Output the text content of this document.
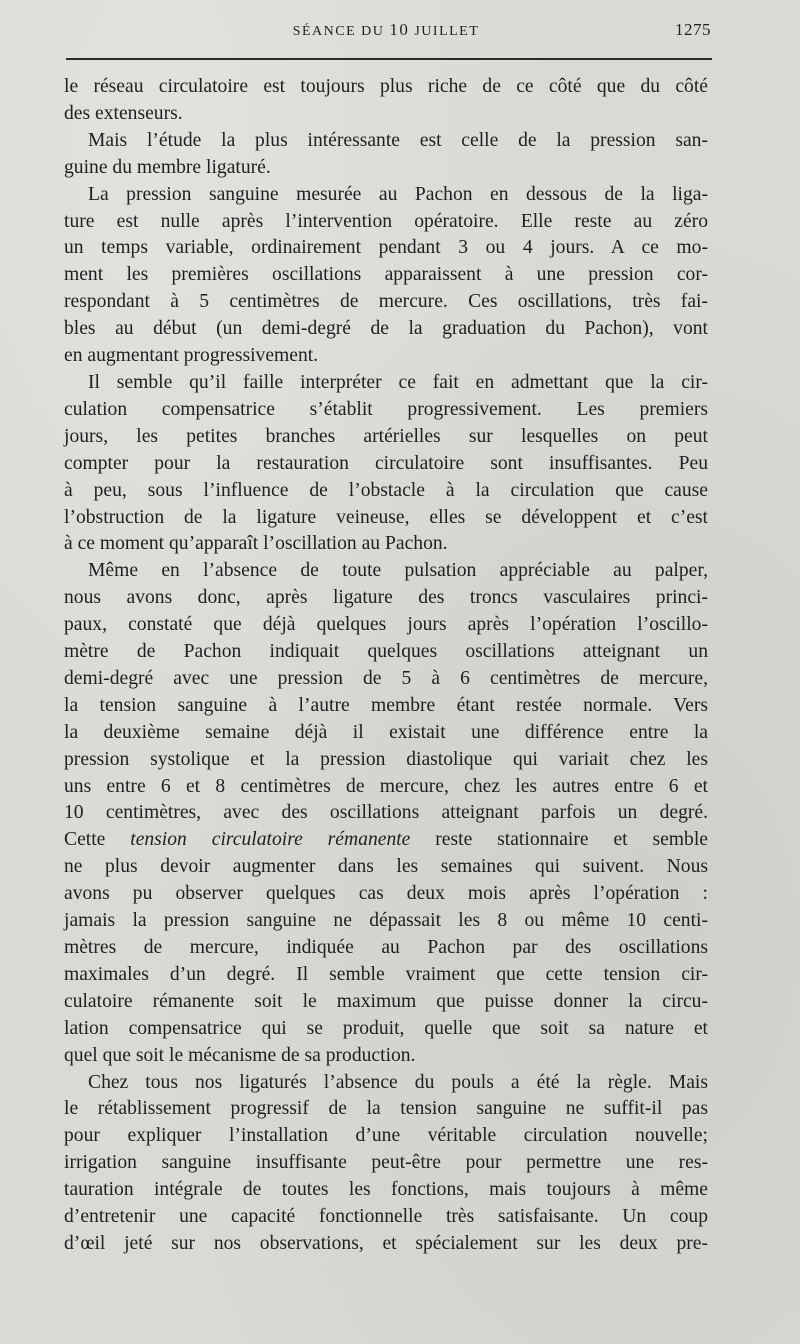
SÉANCE DU 10 JUILLET	1275
le réseau circulatoire est toujours plus riche de ce côté que du côté
des extenseurs.
Mais l’étude la plus intéressante est celle de la pression san-
guine du membre ligaturé.
La pression sanguine mesurée au Pachon en dessous de la liga-
ture est nulle après l’intervention opératoire. Elle reste au zéro
un temps variable, ordinairement pendant 3 ou 4 jours. A ce mo-
ment les premières oscillations apparaissent à une pression cor-
respondant à 5 centimètres de mercure. Ces oscillations, très fai-
bles au début (un demi-degré de la graduation du Pachon), vont
en augmentant progressivement.
Il semble qu’il faille interpréter ce fait en admettant que la cir-
culation compensatrice s’établit progressivement. Les premiers
jours, les petites branches artérielles sur lesquelles on peut
compter pour la restauration circulatoire sont insuffisantes. Peu
à peu, sous l’influence de l’obstacle à la circulation que cause
l’obstruction de la ligature veineuse, elles se développent et c’est
à ce moment qu’apparaît l’oscillation au Pachon.
Même en l’absence de toute pulsation appréciable au palper,
nous avons donc, après ligature des troncs vasculaires princi-
paux, constaté que déjà quelques jours après l’opération l’oscillo-
mètre de Pachon indiquait quelques oscillations atteignant un
demi-degré avec une pression de 5 à 6 centimètres de mercure,
la tension sanguine à l’autre membre étant restée normale. Vers
la deuxième semaine déjà il existait une différence entre la
pression systolique et la pression diastolique qui variait chez les
uns entre 6 et 8 centimètres de mercure, chez les autres entre 6 et
10 centimètres, avec des oscillations atteignant parfois un degré.
Cette tension circulatoire rémanente reste stationnaire et semble
ne plus devoir augmenter dans les semaines qui suivent. Nous
avons pu observer quelques cas deux mois après l’opération :
jamais la pression sanguine ne dépassait les 8 ou même 10 centi-
mètres de mercure, indiquée au Pachon par des oscillations
maximales d’un degré. Il semble vraiment que cette tension cir-
culatoire rémanente soit le maximum que puisse donner la circu-
lation compensatrice qui se produit, quelle que soit sa nature et
quel que soit le mécanisme de sa production.
Chez tous nos ligaturés l’absence du pouls a été la règle. Mais
le rétablissement progressif de la tension sanguine ne suffit-il pas
pour expliquer l’installation d’une véritable circulation nouvelle;
irrigation sanguine insuffisante peut-être pour permettre une res-
tauration intégrale de toutes les fonctions, mais toujours à même
d’entretenir une capacité fonctionnelle très satisfaisante. Un coup
d’œil jeté sur nos observations, et spécialement sur les deux pre-
